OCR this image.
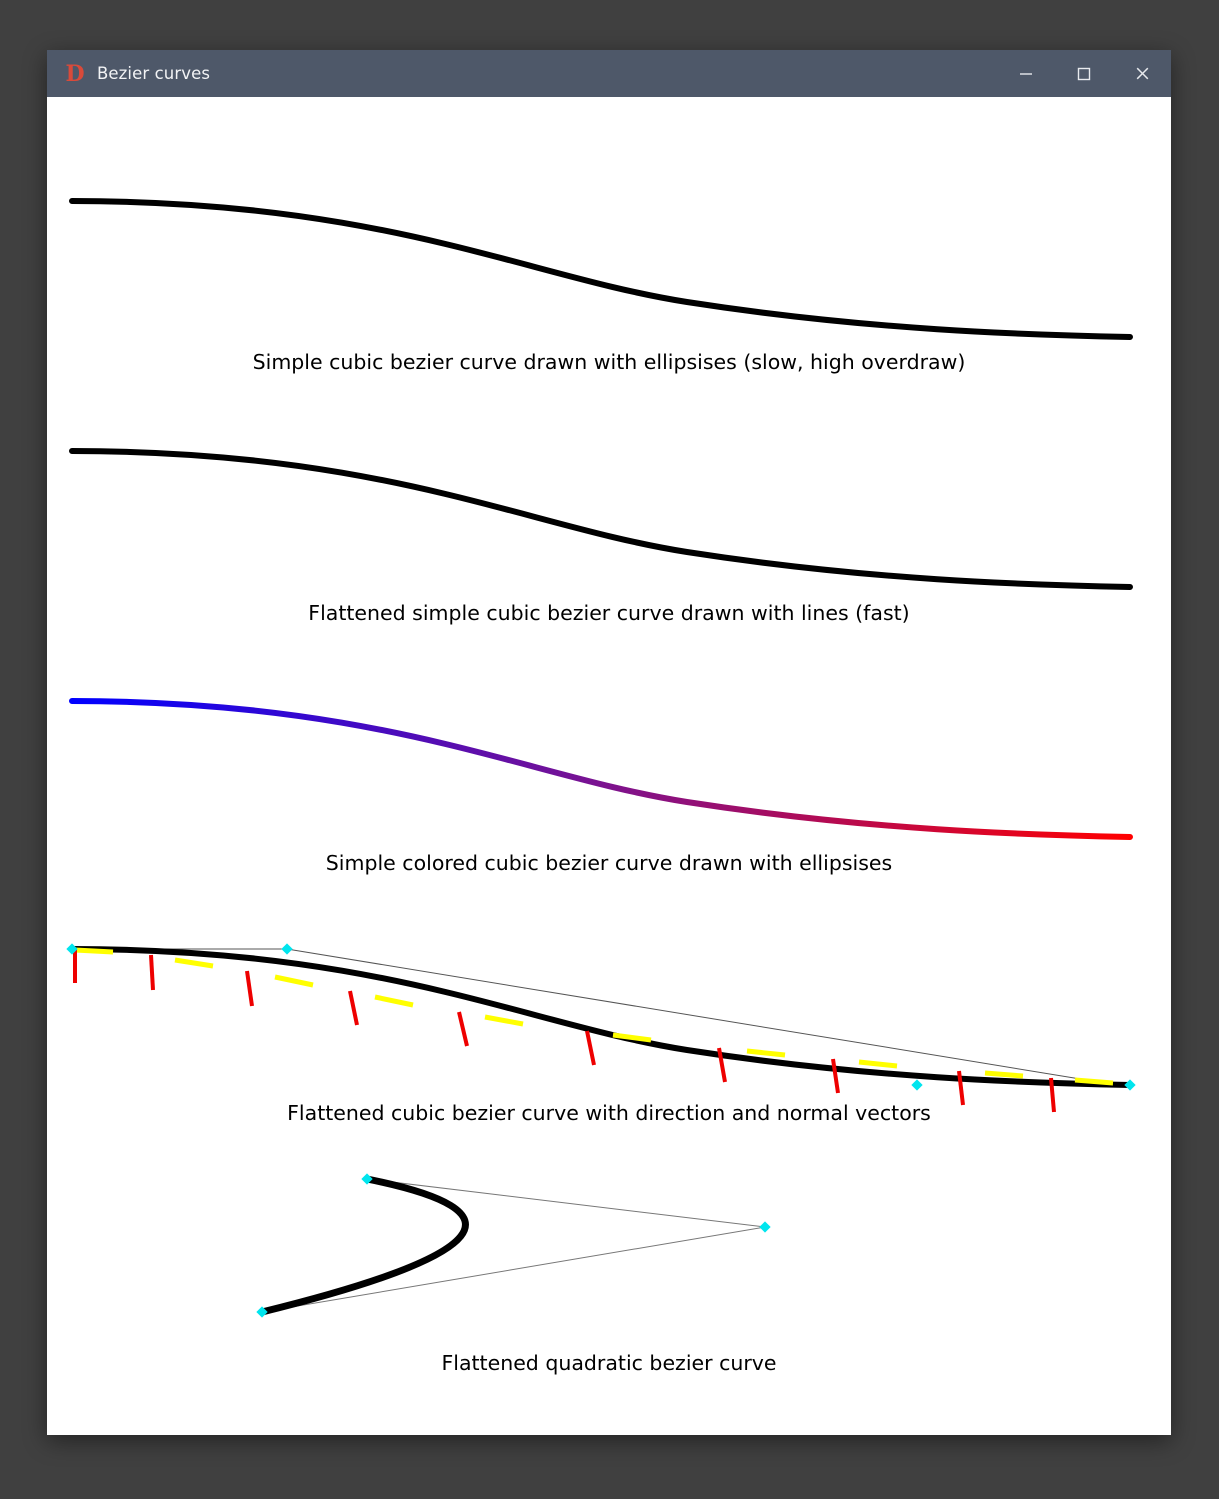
D Bezier curves
Simple cubic bezier curve drawn with ellipsises (slow, high overdraw)
Flattened simple cubic bezier curve drawn with lines (fast)
Simple colored cubic bezier curve drawn with ellipsises
Flattened cubic bezier curve with direction and normal vectors
Flattened quadratic bezier curve
